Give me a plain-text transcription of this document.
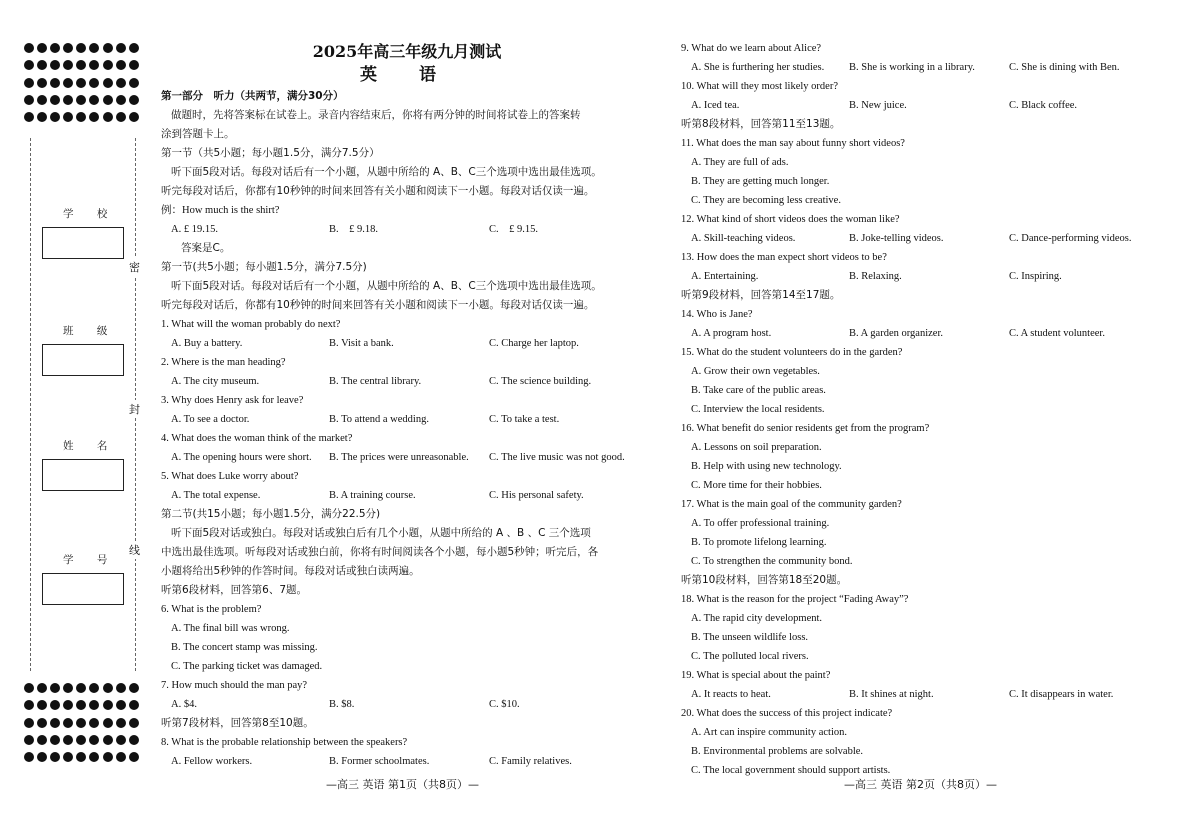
密
封
线
学 校
班 级
姓 名
学 号

2025年高三年级九月测试

英 语

第一部分　听力（共两节，满分30分）

做题时，先将答案标在试卷上。录音内容结束后，你将有两分钟的时间将试卷上的答案转

涂到答题卡上。

第一节（共5小题；每小题1.5分，满分7.5分）

听下面5段对话。每段对话后有一个小题，从题中所给的 A、B、C三个选项中选出最佳选项。

听完每段对话后，你都有10秒钟的时间来回答有关小题和阅读下一小题。每段对话仅读一遍。

例：How much is the shirt?

A. £ 19.15.	B.　£ 9.18.	C.　£ 9.15.

答案是C。

第一节(共5小题；每小题1.5分，满分7.5分)

听下面5段对话。每段对话后有一个小题，从题中所给的 A、B、C三个选项中选出最佳选项。

听完每段对话后，你都有10秒钟的时间来回答有关小题和阅读下一小题。每段对话仅读一遍。

1. What will the woman probably do next?

A. Buy a battery.	B. Visit a bank.	C. Charge her laptop.

2. Where is the man heading?

A. The city museum.	B. The central library.	C. The science building.

3. Why does Henry ask for leave?

A. To see a doctor.	B. To attend a wedding.	C. To take a test.

4. What does the woman think of the market?

A. The opening hours were short.	B. The prices were unreasonable.	C. The live music was not good.

5. What does Luke worry about?

A. The total expense.	B. A training course.	C. His personal safety.

第二节(共15小题；每小题1.5分，满分22.5分)

听下面5段对话或独白。每段对话或独白后有几个小题，从题中所给的 A 、B 、C 三个选项

中选出最佳选项。听每段对话或独白前，你将有时间阅读各个小题，每小题5秒钟；听完后，各

小题将给出5秒钟的作答时间。每段对话或独白读两遍。

听第6段材料，回答第6、7题。

6. What is the problem?

A. The final bill was wrong.

B. The concert stamp was missing.

C. The parking ticket was damaged.

7. How much should the man pay?

A. $4.	B. $8.	C. $10.

听第7段材料，回答第8至10题。

8. What is the probable relationship between the speakers?

A. Fellow workers.	B. Former schoolmates.	C. Family relatives.

—高三 英语 第1页（共8页）—

9. What do we learn about Alice?

A. She is furthering her studies.	B. She is working in a library.	C. She is dining with Ben.

10. What will they most likely order?

A. Iced tea.	B. New juice.	C. Black coffee.

听第8段材料，回答第11至13题。

11. What does the man say about funny short videos?

A. They are full of ads.

B. They are getting much longer.

C. They are becoming less creative.

12. What kind of short videos does the woman like?

A. Skill-teaching videos.	B. Joke-telling videos.	C. Dance-performing videos.

13. How does the man expect short videos to be?

A. Entertaining.	B. Relaxing.	C. Inspiring.

听第9段材料，回答第14至17题。

14. Who is Jane?

A. A program host.	B. A garden organizer.	C. A student volunteer.

15. What do the student volunteers do in the garden?

A. Grow their own vegetables.

B. Take care of the public areas.

C. Interview the local residents.

16. What benefit do senior residents get from the program?

A. Lessons on soil preparation.

B. Help with using new technology.

C. More time for their hobbies.

17. What is the main goal of the community garden?

A. To offer professional training.

B. To promote lifelong learning.

C. To strengthen the community bond.

听第10段材料，回答第18至20题。

18. What is the reason for the project “Fading Away”?

A. The rapid city development.

B. The unseen wildlife loss.

C. The polluted local rivers.

19. What is special about the paint?

A. It reacts to heat.	B. It shines at night.	C. It disappears in water.

20. What does the success of this project indicate?

A. Art can inspire community action.

B. Environmental problems are solvable.

C. The local government should support artists.

—高三 英语 第2页（共8页）—
